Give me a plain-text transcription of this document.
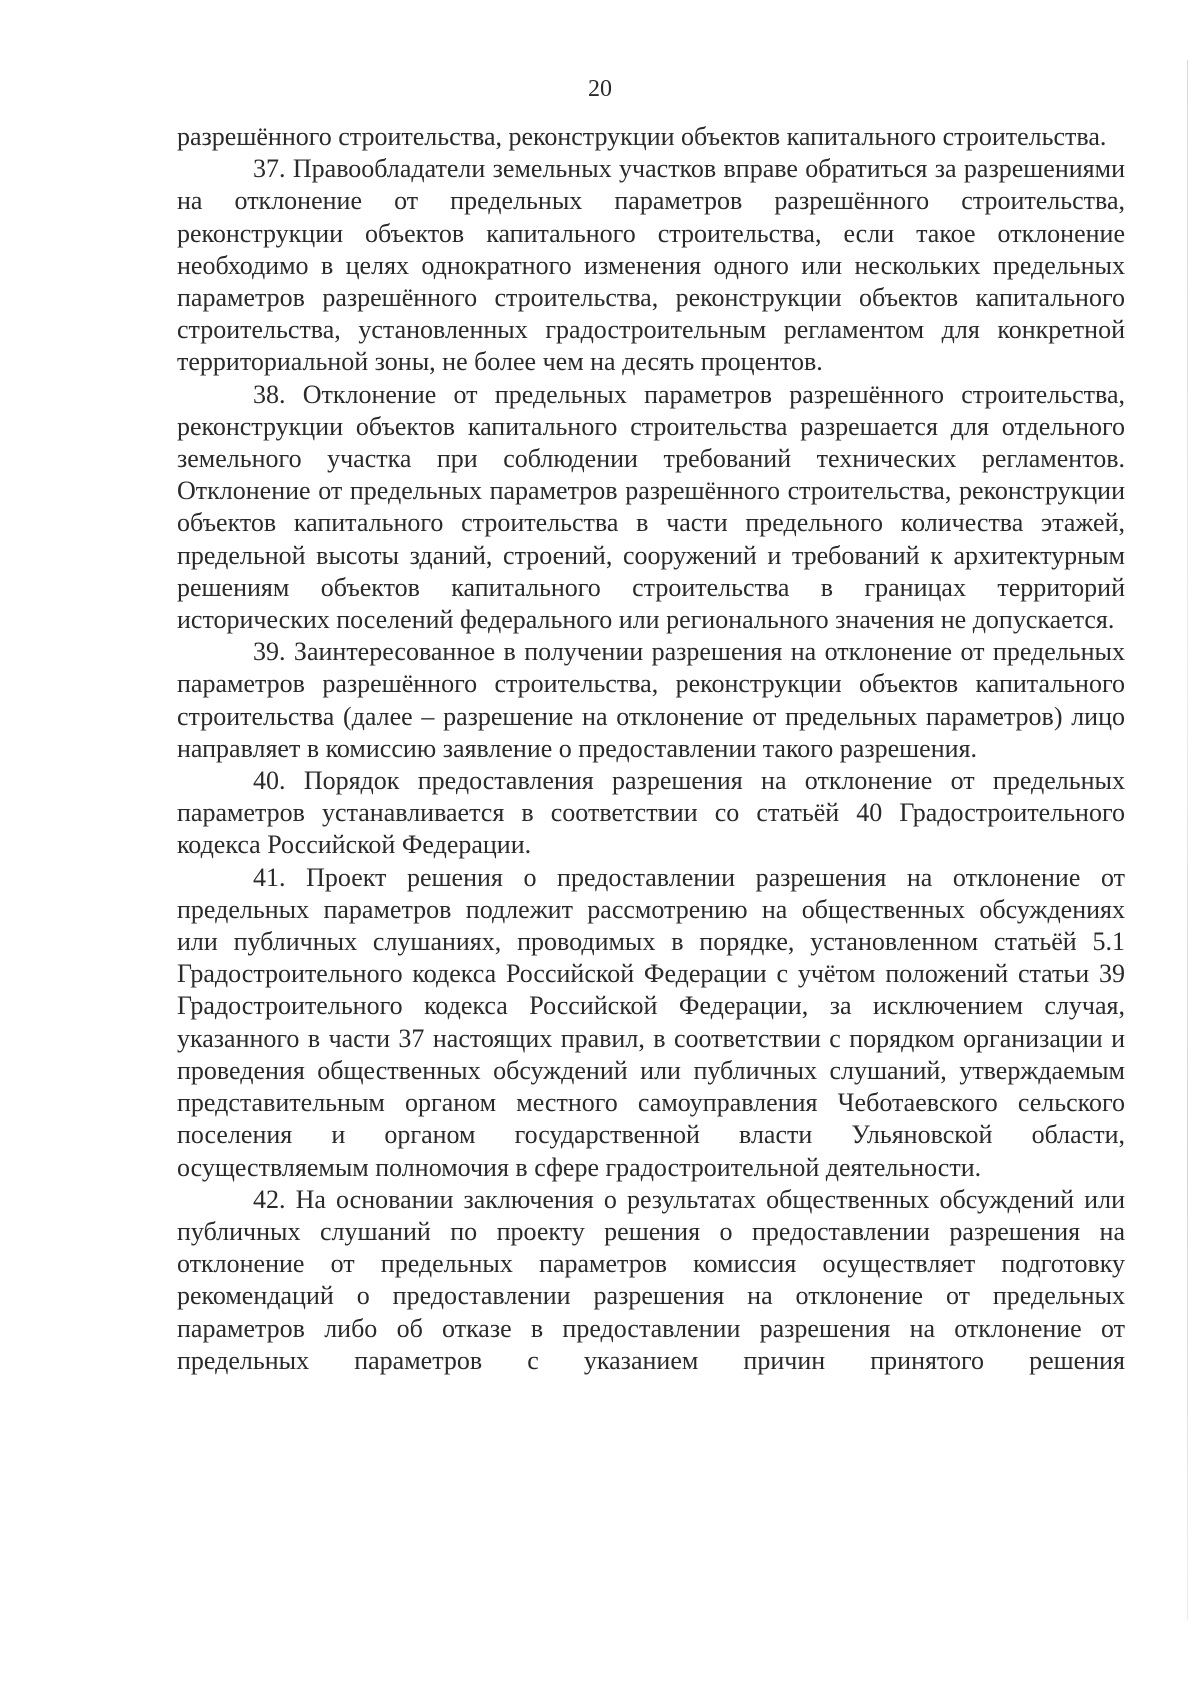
20

разрешённого строительства, реконструкции объектов капитального строительства.

37. Правообладатели земельных участков вправе обратиться за разрешениями на отклонение от предельных параметров разрешённого строительства, реконструкции объектов капитального строительства, если такое отклонение необходимо в целях однократного изменения одного или нескольких предельных параметров разрешённого строительства, реконструкции объектов капитального строительства, установленных градостроительным регламентом для конкретной территориальной зоны, не более чем на десять процентов.

38. Отклонение от предельных параметров разрешённого строительства, реконструкции объектов капитального строительства разрешается для отдельного земельного участка при соблюдении требований технических регламентов. Отклонение от предельных параметров разрешённого строительства, реконструкции объектов капитального строительства в части предельного количества этажей, предельной высоты зданий, строений, сооружений и требований к архитектурным решениям объектов капитального строительства в границах территорий исторических поселений федерального или регионального значения не допускается.

39. Заинтересованное в получении разрешения на отклонение от предельных параметров разрешённого строительства, реконструкции объектов капитального строительства (далее – разрешение на отклонение от предельных параметров) лицо направляет в комиссию заявление о предоставлении такого разрешения.

40. Порядок предоставления разрешения на отклонение от предельных параметров устанавливается в соответствии со статьёй 40 Градостроительного кодекса Российской Федерации.

41. Проект решения о предоставлении разрешения на отклонение от предельных параметров подлежит рассмотрению на общественных обсуждениях или публичных слушаниях, проводимых в порядке, установленном статьёй 5.1 Градостроительного кодекса Российской Федерации с учётом положений статьи 39 Градостроительного кодекса Российской Федерации, за исключением случая, указанного в части 37 настоящих правил, в соответствии с порядком организации и проведения общественных обсуждений или публичных слушаний, утверждаемым представительным органом местного самоуправления Чеботаевского сельского поселения и органом государственной власти Ульяновской области, осуществляемым полномочия в сфере градостроительной деятельности.

42. На основании заключения о результатах общественных обсуждений или публичных слушаний по проекту решения о предоставлении разрешения на отклонение от предельных параметров комиссия осуществляет подготовку рекомендаций о предоставлении разрешения на отклонение от предельных параметров либо об отказе в предоставлении разрешения на отклонение от предельных параметров с указанием причин принятого решения
